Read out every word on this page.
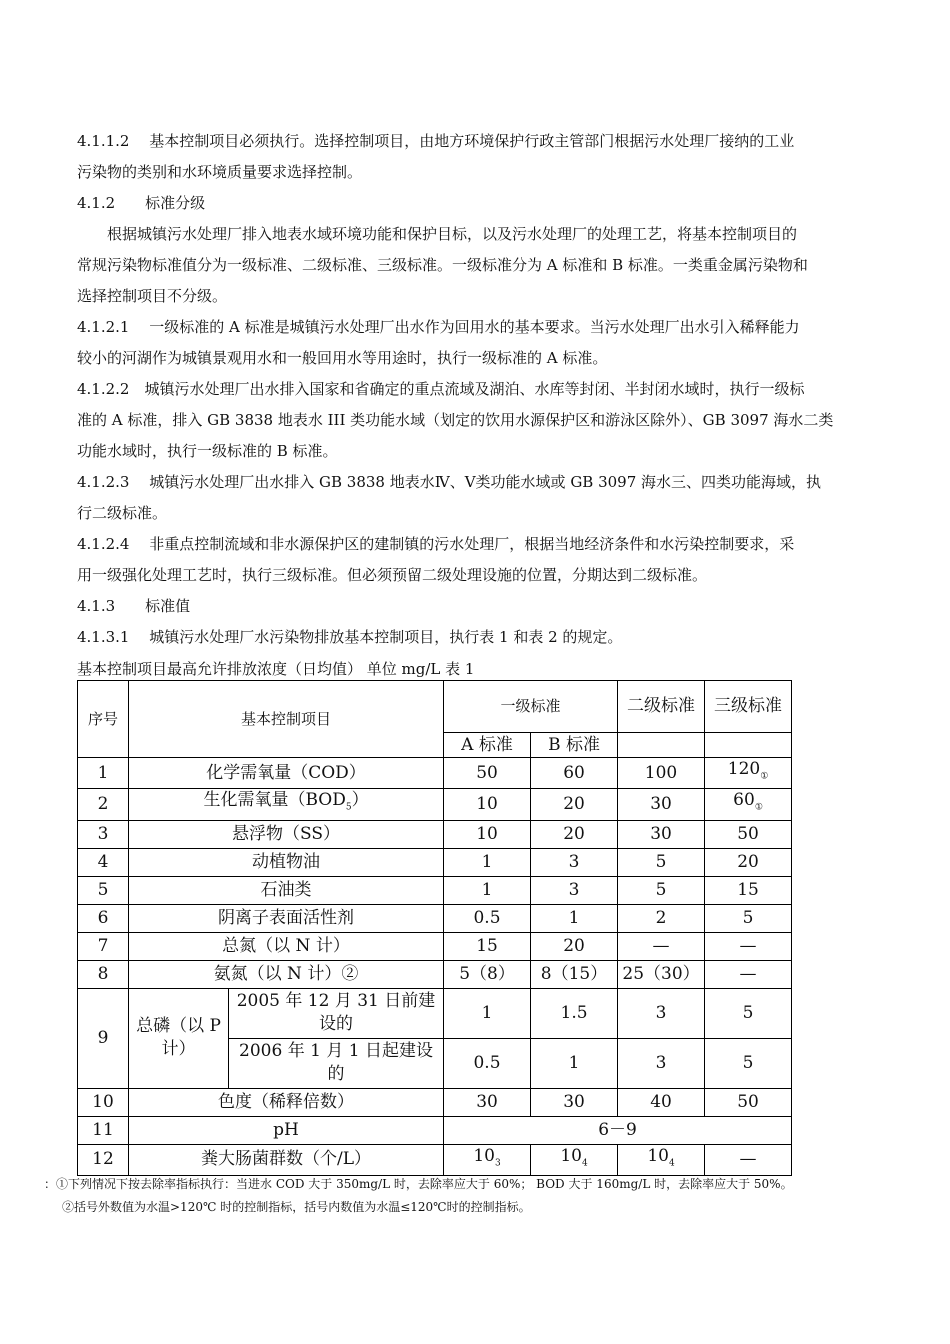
4.1.1.2　 基本控制项目必须执行。选择控制项目，由地方环境保护行政主管部门根据污水处理厂接纳的工业
污染物的类别和水环境质量要求选择控制。
4.1.2　　标准分级
　　根据城镇污水处理厂排入地表水域环境功能和保护目标，以及污水处理厂的处理工艺，将基本控制项目的
常规污染物标准值分为一级标准、二级标准、三级标准。一级标准分为 A 标准和 B 标准。一类重金属污染物和
选择控制项目不分级。
4.1.2.1　 一级标准的 A 标准是城镇污水处理厂出水作为回用水的基本要求。当污水处理厂出水引入稀释能力
较小的河湖作为城镇景观用水和一般回用水等用途时，执行一级标准的 A 标准。
4.1.2.2　城镇污水处理厂出水排入国家和省确定的重点流域及湖泊、水库等封闭、半封闭水域时，执行一级标
准的 A 标准，排入 GB 3838 地表水 III 类功能水域（划定的饮用水源保护区和游泳区除外）、GB 3097 海水二类
功能水域时，执行一级标准的 B 标准。
4.1.2.3　 城镇污水处理厂出水排入 GB 3838 地表水Ⅳ、Ⅴ类功能水域或 GB 3097 海水三、四类功能海域，执
行二级标准。
4.1.2.4　 非重点控制流域和非水源保护区的建制镇的污水处理厂，根据当地经济条件和水污染控制要求，采
用一级强化处理工艺时，执行三级标准。但必须预留二级处理设施的位置，分期达到二级标准。
4.1.3　　标准值
4.1.3.1　 城镇污水处理厂水污染物排放基本控制项目，执行表 1 和表 2 的规定。
基本控制项目最高允许排放浓度（日均值） 单位 mg/L 表 1
序号	基本控制项目		一级标准		二级标准	三级标准
			A 标准	B 标准		
1	化学需氧量（COD）		50	60	100	$120_①$
2	生化需氧量$(BOD_5)$		10	20	30	$60_①$
3	悬浮物（SS）		10	20	30	50
4	动植物油		1	3	5	20
5	石油类		1	3	5	15
6	阴离子表面活性剂		0.5	1	2	5
7	总氮（以 N 计）		15	20	—	—
8	氨氮（以 N 计）②		5（8）	8（15）	25（30）	—
9	总磷（以 P 计）	2005 年 12 月 31 日前建设的	1	1.5	3	5
		2006 年 1 月 1 日起建设的	0.5	1	3	5
10	色度（稀释倍数）		30	30	40	50
11	pH		6－9			
12	粪大肠菌群数（个/L）		$10_3$	$10_4$	$10_4$	—
：①下列情况下按去除率指标执行：当进水 COD 大于 350mg/L 时，去除率应大于 60%； BOD 大于 160mg/L 时，去除率应大于 50%。
②括号外数值为水温>120℃ 时的控制指标，括号内数值为水温≤120℃时的控制指标。
